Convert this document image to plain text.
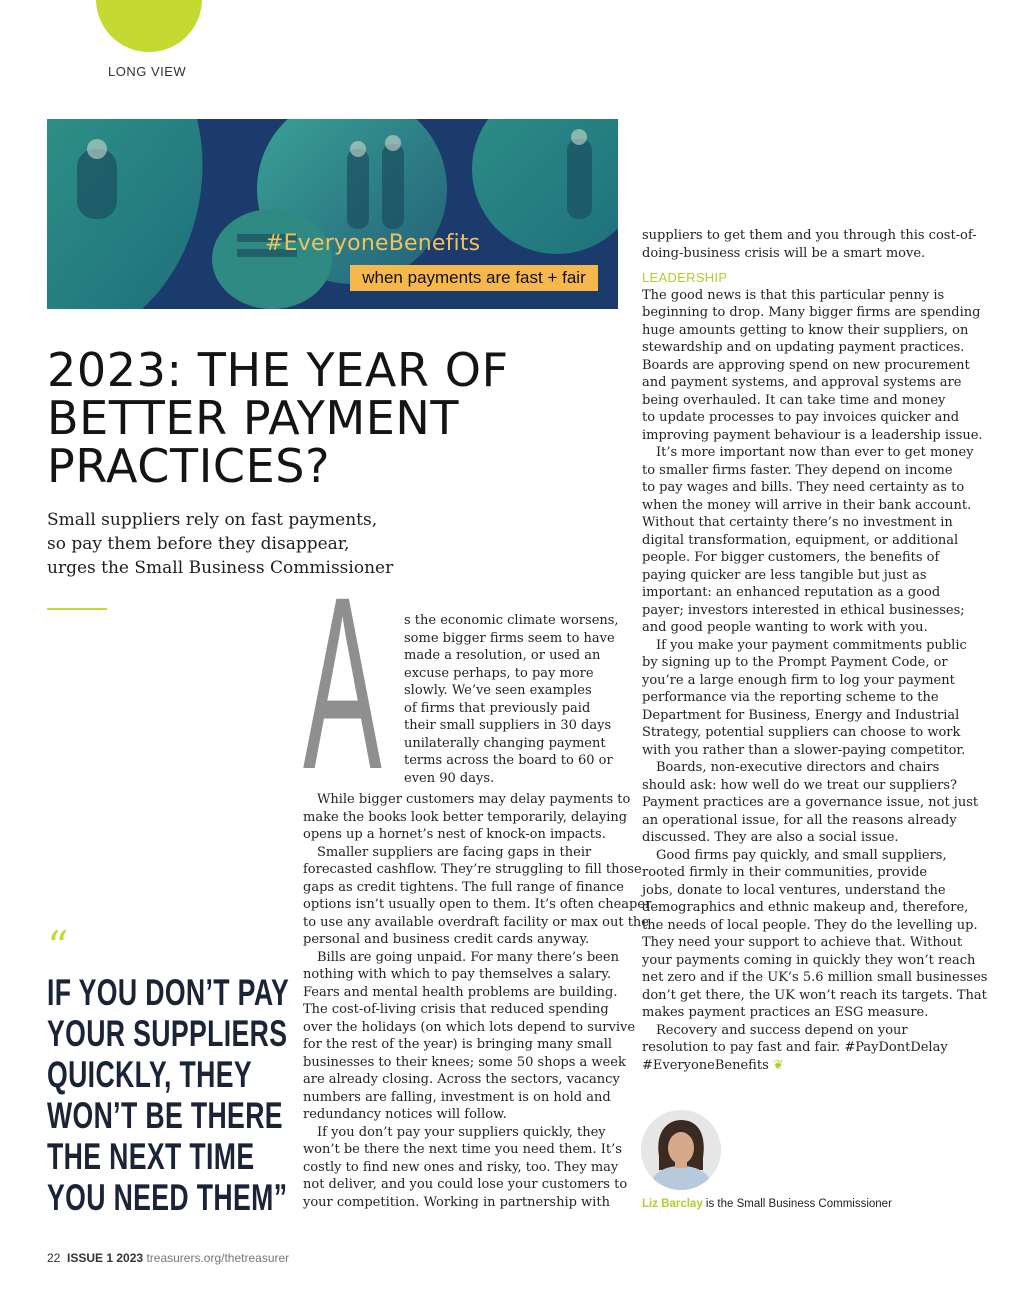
LONG VIEW
#EveryoneBenefits
when payments are fast + fair
2023: THE YEAR OF
BETTER PAYMENT
PRACTICES?
Small suppliers rely on fast payments,
so pay them before they disappear,
urges the Small Business Commissioner
A s the economic climate worsens,
some bigger firms seem to have
made a resolution, or used an
excuse perhaps, to pay more
slowly. We’ve seen examples
of firms that previously paid
their small suppliers in 30 days
unilaterally changing payment
terms across the board to 60 or
even 90 days.
While bigger customers may delay payments to
make the books look better temporarily, delaying
opens up a hornet’s nest of knock-on impacts.
Smaller suppliers are facing gaps in their
forecasted cashflow. They’re struggling to fill those
gaps as credit tightens. The full range of finance
options isn’t usually open to them. It’s often cheaper
to use any available overdraft facility or max out the
personal and business credit cards anyway.
Bills are going unpaid. For many there’s been
nothing with which to pay themselves a salary.
Fears and mental health problems are building.
The cost-of-living crisis that reduced spending
over the holidays (on which lots depend to survive
for the rest of the year) is bringing many small
businesses to their knees; some 50 shops a week
are already closing. Across the sectors, vacancy
numbers are falling, investment is on hold and
redundancy notices will follow.
If you don’t pay your suppliers quickly, they
won’t be there the next time you need them. It’s
costly to find new ones and risky, too. They may
not deliver, and you could lose your customers to
your competition. Working in partnership with
suppliers to get them and you through this cost-of-
doing-business crisis will be a smart move.
LEADERSHIP
The good news is that this particular penny is
beginning to drop. Many bigger firms are spending
huge amounts getting to know their suppliers, on
stewardship and on updating payment practices.
Boards are approving spend on new procurement
and payment systems, and approval systems are
being overhauled. It can take time and money
to update processes to pay invoices quicker and
improving payment behaviour is a leadership issue.
It’s more important now than ever to get money
to smaller firms faster. They depend on income
to pay wages and bills. They need certainty as to
when the money will arrive in their bank account.
Without that certainty there’s no investment in
digital transformation, equipment, or additional
people. For bigger customers, the benefits of
paying quicker are less tangible but just as
important: an enhanced reputation as a good
payer; investors interested in ethical businesses;
and good people wanting to work with you.
If you make your payment commitments public
by signing up to the Prompt Payment Code, or
you’re a large enough firm to log your payment
performance via the reporting scheme to the
Department for Business, Energy and Industrial
Strategy, potential suppliers can choose to work
with you rather than a slower-paying competitor.
Boards, non-executive directors and chairs
should ask: how well do we treat our suppliers?
Payment practices are a governance issue, not just
an operational issue, for all the reasons already
discussed. They are also a social issue.
Good firms pay quickly, and small suppliers,
rooted firmly in their communities, provide
jobs, donate to local ventures, understand the
demographics and ethnic makeup and, therefore,
the needs of local people. They do the levelling up.
They need your support to achieve that. Without
your payments coming in quickly they won’t reach
net zero and if the UK’s 5.6 million small businesses
don’t get there, the UK won’t reach its targets. That
makes payment practices an ESG measure.
Recovery and success depend on your
resolution to pay fast and fair. #PayDontDelay
#EveryoneBenefits ❦
“
IF YOU DON’T PAY
YOUR SUPPLIERS
QUICKLY, THEY
WON’T BE THERE
THE NEXT TIME
YOU NEED THEM”	Liz Barclay is the Small Business Commissioner
22 ISSUE 1 2023 treasurers.org/thetreasurer
